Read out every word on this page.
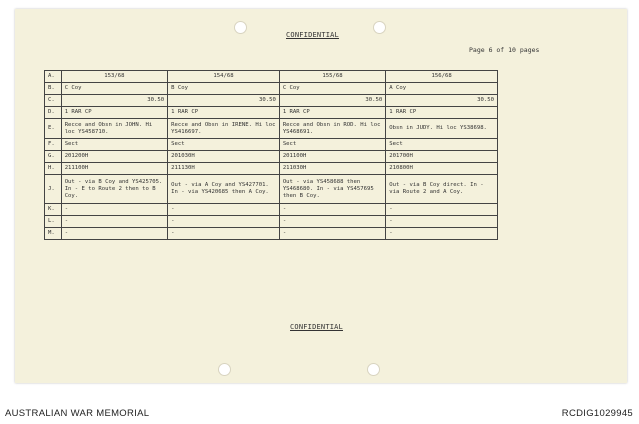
CONFIDENTIAL
Page 6 of 10 pages
A.	153/68	154/68	155/68	156/68
B.	C Coy	B Coy	C Coy	A Coy
C.	30.50	30.50	30.50	30.50
D.	1 RAR CP	1 RAR CP	1 RAR CP	1 RAR CP
E.	Recce and Obsn in JOHN. Hi loc YS458710.	Recce and Obsn in IRENE. Hi loc YS416697.	Recce and Obsn in ROD. Hi loc YS468691.	Obsn in JUDY. Hi loc YS38698.
F.	Sect	Sect	Sect	Sect
G.	201200H	201030H	201100H	201700H
H.	211100H	211130H	211030H	210800H
J.	Out - via B Coy and YS425705. In - E to Route 2 then to B Coy.	Out - via A Coy and YS427701. In - via YS420685 then A Coy.	Out - via YS458688 then YS468680. In - via YS457695 then B Coy.	Out - via B Coy direct. In - via Route 2 and A Coy.
K.	-	-	-	-
L.	-	-	-	-
M.	-	-	-	-
CONFIDENTIAL
AUSTRALIAN WAR MEMORIAL	RCDIG1029945
